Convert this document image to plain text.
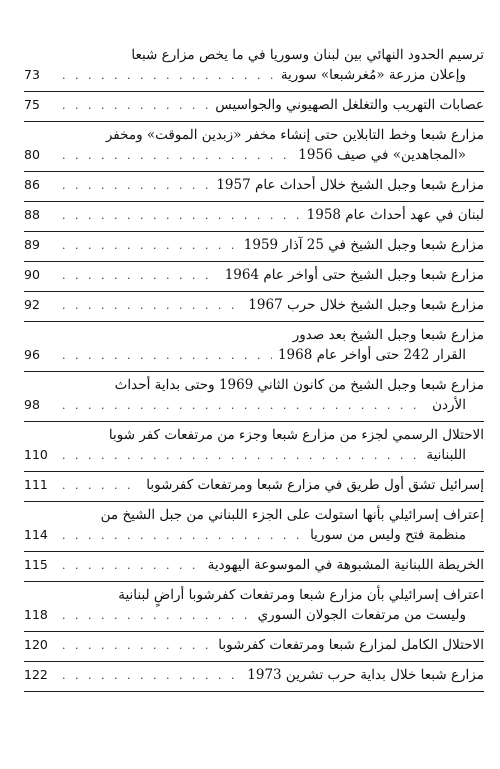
ترسيم الحدود النهائي بين لبنان وسوريا في ما يخص مزارع شبعا
وإعلان مزرعة «مُغرشبعا» سورية
. . .
73
عصابات التهريب والتغلغل الصهيوني والجواسيس
. . .
75
مزارع شبعا وخط التابلاين حتى إنشاء مخفر «زبدين الموقت» ومخفر
«المجاهدين» في صيف 1956
. . .
80
مزارع شبعا وجبل الشيخ خلال أحداث عام 1957
. . .
86
لبنان في عهد أحداث عام 1958
. . .
88
مزارع شبعا وجبل الشيخ في 25 آذار 1959
. . .
89
مزارع شبعا وجبل الشيخ حتى أواخر عام 1964
. . .
90
مزارع شبعا وجبل الشيخ خلال حرب 1967
. . .
92
مزارع شبعا وجبل الشيخ بعد صدور
القرار 242 حتى أواخر عام 1968
. . .
96
مزارع شبعا وجبل الشيخ من كانون الثاني 1969 وحتى بداية أحداث
الأردن
. . .
98
الاحتلال الرسمي لجزء من مزارع شبعا وجزء من مرتفعات كفر شوبا
اللبنانية
. . .
110
إسرائيل تشق أول طريق في مزارع شبعا ومرتفعات كفرشوبا
. . .
111
إعتراف إسرائيلي بأنها استولت على الجزء اللبناني من جبل الشيخ من
منظمة فتح وليس من سوريا
. . .
114
الخريطة اللبنانية المشبوهة في الموسوعة اليهودية
. . .
115
اعتراف إسرائيلي بأن مزارع شبعا ومرتفعات كفرشوبا أراضٍ لبنانية
وليست من مرتفعات الجولان السوري
. . .
118
الاحتلال الكامل لمزارع شبعا ومرتفعات كفرشوبا
. . .
120
مزارع شبعا خلال بداية حرب تشرين 1973
. . .
122
